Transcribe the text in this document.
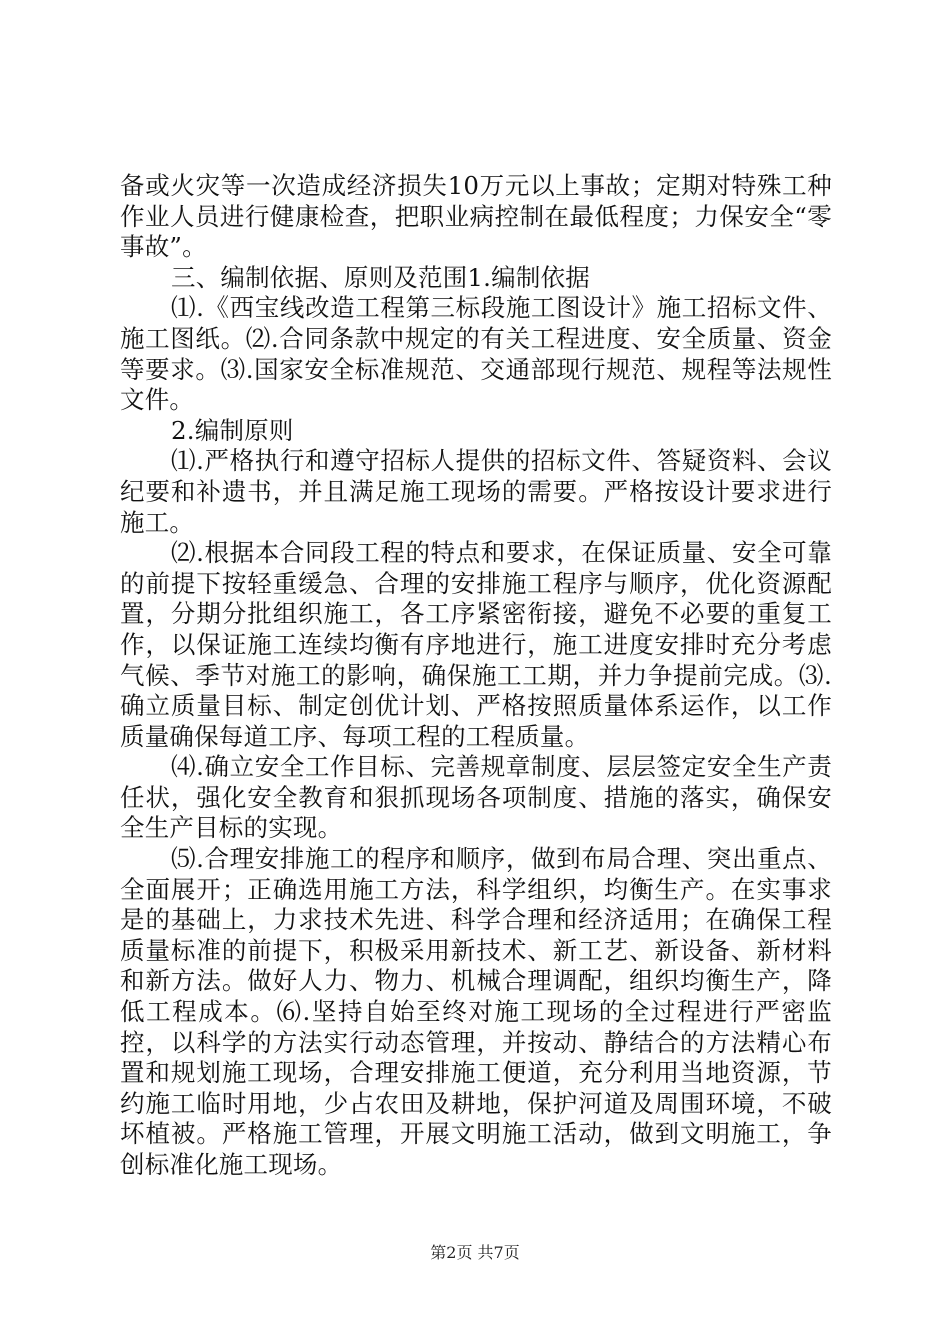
备或火灾等一次造成经济损失10万元以上事故；定期对特殊工种作业人员进行健康检查，把职业病控制在最低程度；力保安全“零事故”。

三、编制依据、原则及范围1.编制依据

⑴.《西宝线改造工程第三标段施工图设计》施工招标文件、施工图纸。⑵.合同条款中规定的有关工程进度、安全质量、资金等要求。⑶.国家安全标准规范、交通部现行规范、规程等法规性文件。

2.编制原则

⑴.严格执行和遵守招标人提供的招标文件、答疑资料、会议纪要和补遗书，并且满足施工现场的需要。严格按设计要求进行施工。

⑵.根据本合同段工程的特点和要求，在保证质量、安全可靠的前提下按轻重缓急、合理的安排施工程序与顺序，优化资源配置，分期分批组织施工，各工序紧密衔接，避免不必要的重复工作，以保证施工连续均衡有序地进行，施工进度安排时充分考虑气候、季节对施工的影响，确保施工工期，并力争提前完成。⑶.确立质量目标、制定创优计划、严格按照质量体系运作，以工作质量确保每道工序、每项工程的工程质量。

⑷.确立安全工作目标、完善规章制度、层层签定安全生产责任状，强化安全教育和狠抓现场各项制度、措施的落实，确保安全生产目标的实现。

⑸.合理安排施工的程序和顺序，做到布局合理、突出重点、全面展开；正确选用施工方法，科学组织，均衡生产。在实事求是的基础上，力求技术先进、科学合理和经济适用；在确保工程质量标准的前提下，积极采用新技术、新工艺、新设备、新材料和新方法。做好人力、物力、机械合理调配，组织均衡生产，降低工程成本。⑹.坚持自始至终对施工现场的全过程进行严密监控，以科学的方法实行动态管理，并按动、静结合的方法精心布置和规划施工现场，合理安排施工便道，充分利用当地资源，节约施工临时用地，少占农田及耕地，保护河道及周围环境，不破坏植被。严格施工管理，开展文明施工活动，做到文明施工，争创标准化施工现场。

第2页 共7页
